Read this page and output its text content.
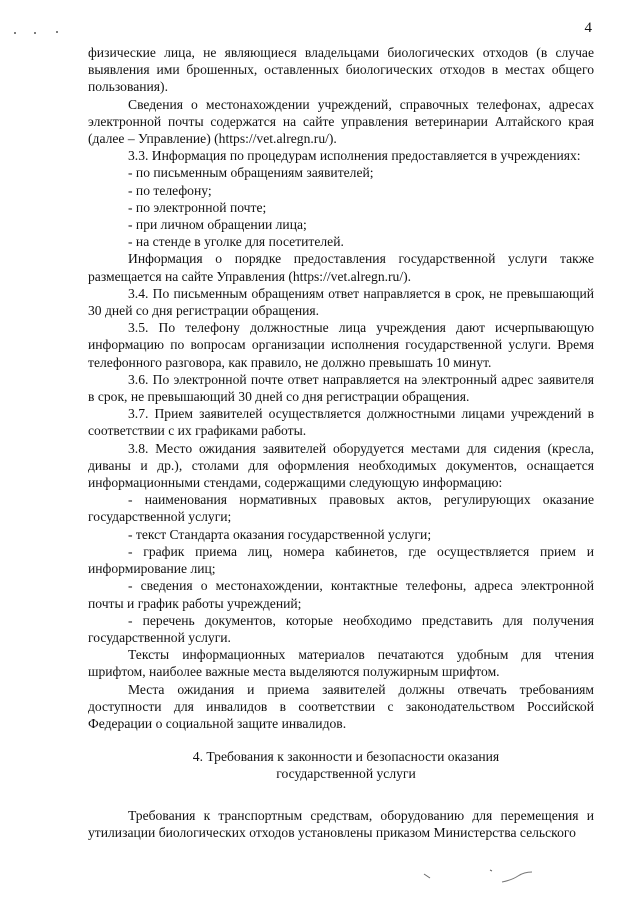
4

физические лица, не являющиеся владельцами биологических отходов (в случае выявления ими брошенных, оставленных биологических отходов в местах общего пользования).

Сведения о местонахождении учреждений, справочных телефонах, адресах электронной почты содержатся на сайте управления ветеринарии Алтайского края (далее – Управление) (https://vet.alregn.ru/).

3.3. Информация по процедурам исполнения предоставляется в учреждениях:

- по письменным обращениям заявителей;

- по телефону;

- по электронной почте;

- при личном обращении лица;

- на стенде в уголке для посетителей.

Информация о порядке предоставления государственной услуги также размещается на сайте Управления (https://vet.alregn.ru/).

3.4. По письменным обращениям ответ направляется в срок, не превышающий 30 дней со дня регистрации обращения.

3.5. По телефону должностные лица учреждения дают исчерпывающую информацию по вопросам организации исполнения государственной услуги. Время телефонного разговора, как правило, не должно превышать 10 минут.

3.6. По электронной почте ответ направляется на электронный адрес заявителя в срок, не превышающий 30 дней со дня регистрации обращения.

3.7. Прием заявителей осуществляется должностными лицами учреждений в соответствии с их графиками работы.

3.8. Место ожидания заявителей оборудуется местами для сидения (кресла, диваны и др.), столами для оформления необходимых документов, оснащается информационными стендами, содержащими следующую информацию:

- наименования нормативных правовых актов, регулирующих оказание государственной услуги;

- текст Стандарта оказания государственной услуги;

- график приема лиц, номера кабинетов, где осуществляется прием и информирование лиц;

- сведения о местонахождении, контактные телефоны, адреса электронной почты и график работы учреждений;

- перечень документов, которые необходимо представить для получения государственной услуги.

Тексты информационных материалов печатаются удобным для чтения шрифтом, наиболее важные места выделяются полужирным шрифтом.

Места ожидания и приема заявителей должны отвечать требованиям доступности для инвалидов в соответствии с законодательством Российской Федерации о социальной защите инвалидов.

4. Требования к законности и безопасности оказания
государственной услуги

Требования к транспортным средствам, оборудованию для перемещения и утилизации биологических отходов установлены приказом Министерства сельского
